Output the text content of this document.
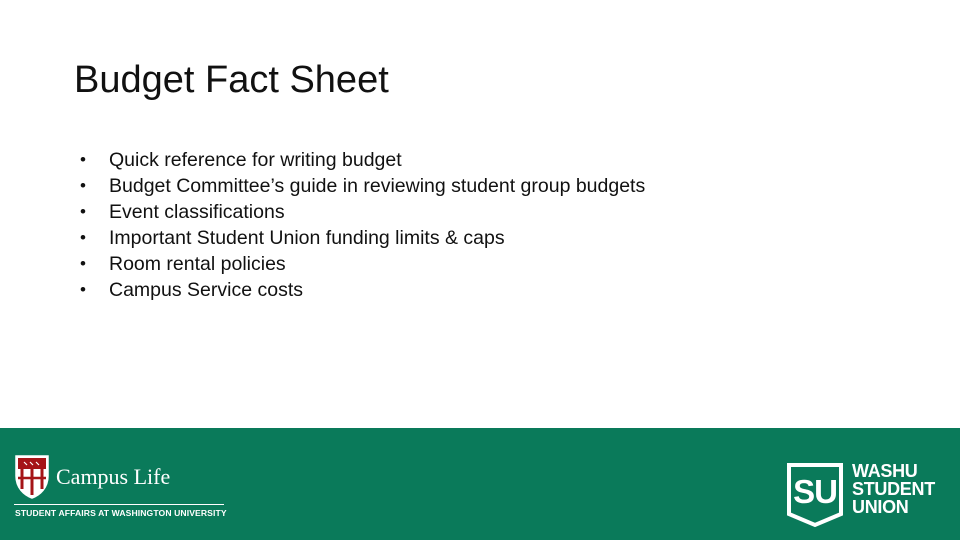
Budget Fact Sheet
•	Quick reference for writing budget
•	Budget Committee’s guide in reviewing student group budgets
•	Event classifications
•	Important Student Union funding limits & caps
•	Room rental policies
•	Campus Service costs
Campus Life
STUDENT AFFAIRS AT WASHINGTON UNIVERSITY
SU
WASHU
STUDENT
UNION
